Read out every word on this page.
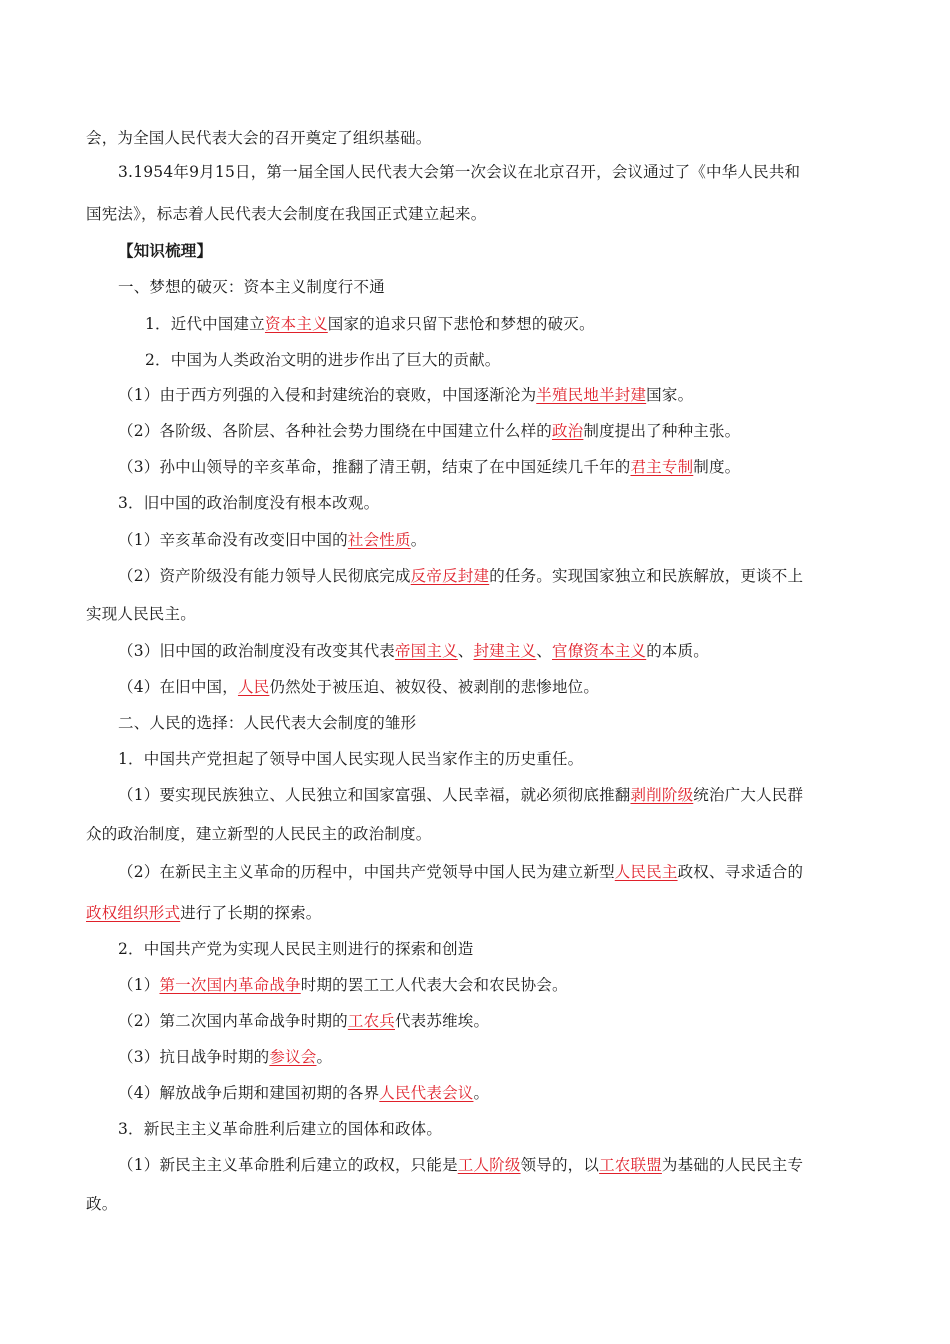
会，为全国人民代表大会的召开奠定了组织基础。
3.1954年9月15日，第一届全国人民代表大会第一次会议在北京召开，会议通过了《中华人民共和
国宪法》，标志着人民代表大会制度在我国正式建立起来。
【知识梳理】
一、梦想的破灭：资本主义制度行不通
1．近代中国建立资本主义国家的追求只留下悲怆和梦想的破灭。
2．中国为人类政治文明的进步作出了巨大的贡献。
（1）由于西方列强的入侵和封建统治的衰败，中国逐渐沦为半殖民地半封建国家。
（2）各阶级、各阶层、各种社会势力围绕在中国建立什么样的政治制度提出了种种主张。
（3）孙中山领导的辛亥革命，推翻了清王朝，结束了在中国延续几千年的君主专制制度。
3．旧中国的政治制度没有根本改观。
（1）辛亥革命没有改变旧中国的社会性质。
（2）资产阶级没有能力领导人民彻底完成反帝反封建的任务。实现国家独立和民族解放，更谈不上
实现人民民主。
（3）旧中国的政治制度没有改变其代表帝国主义、封建主义、官僚资本主义的本质。
（4）在旧中国，人民仍然处于被压迫、被奴役、被剥削的悲惨地位。
二、人民的选择：人民代表大会制度的雏形
1．中国共产党担起了领导中国人民实现人民当家作主的历史重任。
（1）要实现民族独立、人民独立和国家富强、人民幸福，就必须彻底推翻剥削阶级统治广大人民群
众的政治制度，建立新型的人民民主的政治制度。
（2）在新民主主义革命的历程中，中国共产党领导中国人民为建立新型人民民主政权、寻求适合的
政权组织形式进行了长期的探索。
2．中国共产党为实现人民民主则进行的探索和创造
（1）第一次国内革命战争时期的罢工工人代表大会和农民协会。
（2）第二次国内革命战争时期的工农兵代表苏维埃。
（3）抗日战争时期的参议会。
（4）解放战争后期和建国初期的各界人民代表会议。
3．新民主主义革命胜利后建立的国体和政体。
（1）新民主主义革命胜利后建立的政权，只能是工人阶级领导的，以工农联盟为基础的人民民主专
政。
